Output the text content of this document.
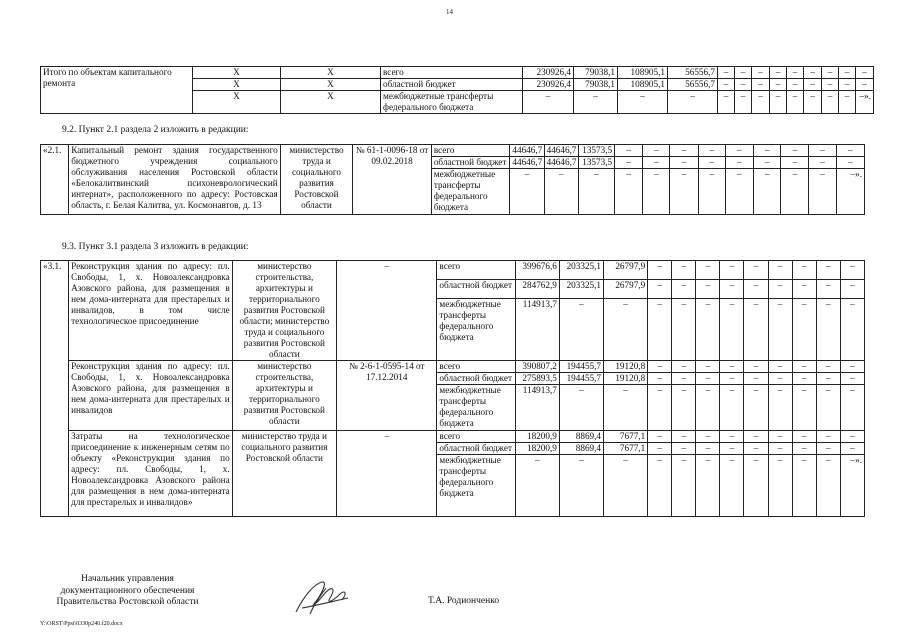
14
Итого по объектам капитального ремонта	X	X	всего	230926,4	79038,1	108905,1	56556,7	–	–	–	–	–	–	–	–	–
	X	X	областной бюджет	230926,4	79038,1	108905,1	56556,7	–	–	–	–	–	–	–	–	–
	X	X	межбюджетные трансферты федерального бюджета	–	–	–	–	–	–	–	–	–	–	–	–	–».
9.2. Пункт 2.1 раздела 2 изложить в редакции:
«2.1.	Капитальный ремонт здания государственного бюджетного учреждения социального обслуживания населения Ростовской области «Белокалитвинский психоневрологический интернат», расположенного по адресу: Ростовская область, г. Белая Калитва, ул. Космонавтов, д. 13	министерство труда и социального развития Ростовской области	№ 61-1-0096-18 от 09.02.2018	всего	44646,7	44646,7	13573,5	–	–	–	–	–	–	–	–	–
				областной бюджет	44646,7	44646,7	13573,5	–	–	–	–	–	–	–	–	–
				межбюджетные трансферты федерального бюджета	–	–	–	–	–	–	–	–	–	–	–	–».
9.3. Пункт 3.1 раздела 3 изложить в редакции:
«3.1.	Реконструкция здания по адресу: пл. Свободы, 1, х. Новоалександровка Азовского района, для размещения в нем дома-интерната для престарелых и инвалидов, в том числе технологическое присоединение	министерство строительства, архитектуры и территориального развития Ростовской области; министерство труда и социального развития Ростовской области	–	всего	399676,6	203325,1	26797,9	–	–	–	–	–	–	–	–	–
				областной бюджет	284762,9	203325,1	26797,9	–	–	–	–	–	–	–	–	–
				межбюджетные трансферты федерального бюджета	114913,7	–	–	–	–	–	–	–	–	–	–	–
	Реконструкция здания по адресу: пл. Свободы, 1, х. Новоалександровка Азовского района, для размещения в нем дома-интерната для престарелых и инвалидов	министерство строительства, архитектуры и территориального развития Ростовской области	№ 2-6-1-0595-14 от 17.12.2014	всего	390807,2	194455,7	19120,8	–	–	–	–	–	–	–	–	–
				областной бюджет	275893,5	194455,7	19120,8	–	–	–	–	–	–	–	–	–
				межбюджетные трансферты федерального бюджета	114913,7	–	–	–	–	–	–	–	–	–	–	–
	Затраты на технологическое присоединение к инженерным сетям по объекту «Реконструкция здания по адресу: пл. Свободы, 1, х. Новоалександровка Азовского района для размещения в нем дома-интерната для престарелых и инвалидов»	министерство труда и социального развития Ростовской области	–	всего	18200,9	8869,4	7677,1	–	–	–	–	–	–	–	–	–
				областной бюджет	18200,9	8869,4	7677,1	–	–	–	–	–	–	–	–	–
				межбюджетные трансферты федерального бюджета	–	–	–	–	–	–	–	–	–	–	–	–».
Начальник управления
документационного обеспечения
Правительства Ростовской области	Т.А. Родионченко
Y:\ORST\Ppsi\0330p240.f20.docx
